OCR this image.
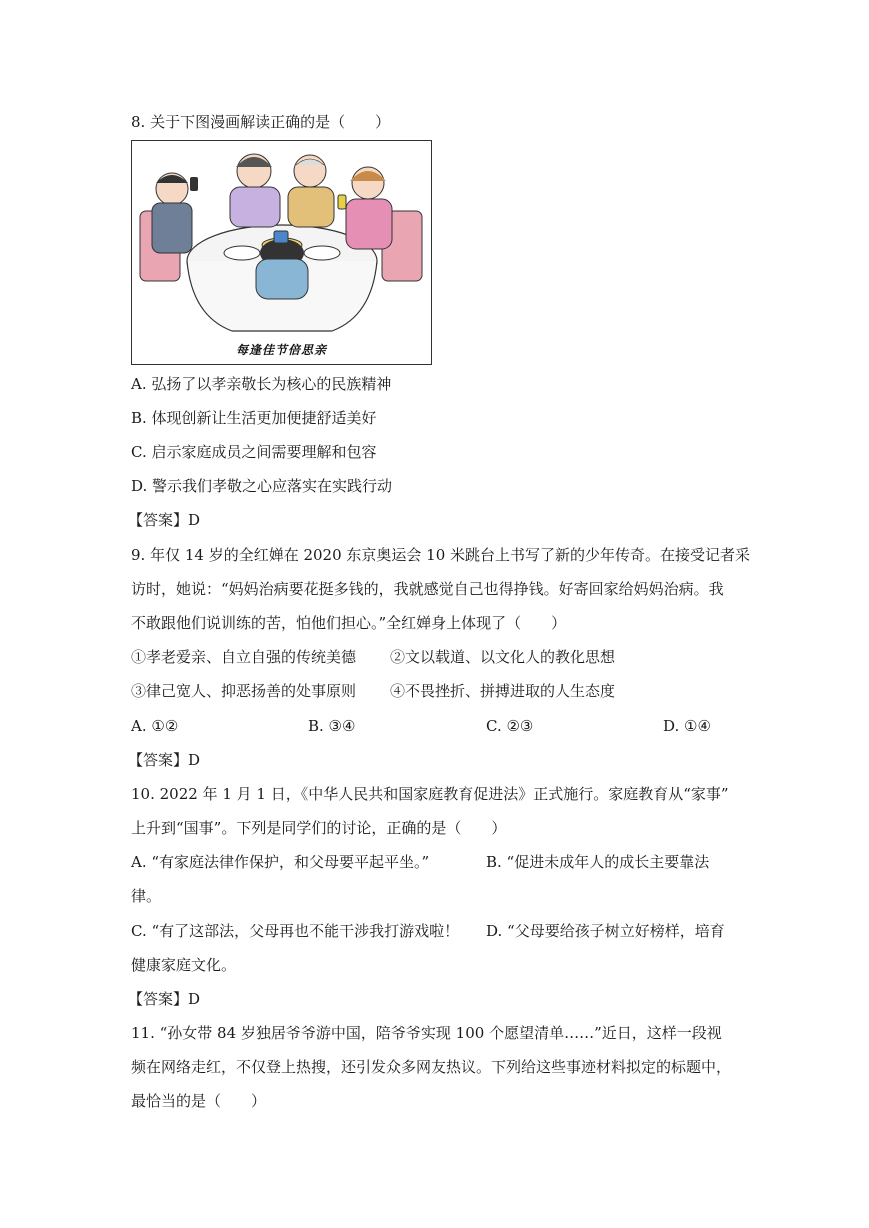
8. 关于下图漫画解读正确的是（　　）
每逢佳节倍思亲
A. 弘扬了以孝亲敬长为核心的民族精神
B. 体现创新让生活更加便捷舒适美好
C. 启示家庭成员之间需要理解和包容
D. 警示我们孝敬之心应落实在实践行动
【答案】D
9. 年仅 14 岁的全红婵在 2020 东京奥运会 10 米跳台上书写了新的少年传奇。在接受记者采
访时，她说：“妈妈治病要花挺多钱的，我就感觉自己也得挣钱。好寄回家给妈妈治病。我
不敢跟他们说训练的苦，怕他们担心。”全红婵身上体现了（　　）
①孝老爱亲、自立自强的传统美德 ②文以载道、以文化人的教化思想
③律己宽人、抑恶扬善的处事原则 ④不畏挫折、拼搏进取的人生态度
A. ①②	B. ③④	C. ②③	D. ①④
【答案】D
10. 2022 年 1 月 1 日，《中华人民共和国家庭教育促进法》正式施行。家庭教育从“家事”
上升到“国事”。下列是同学们的讨论，正确的是（　　）
A. “有家庭法律作保护，和父母要平起平坐。”	B. “促进未成年人的成长主要靠法
律。
C. “有了这部法，父母再也不能干涉我打游戏啦！ D. “父母要给孩子树立好榜样，培育
健康家庭文化。
【答案】D
11. “孙女带 84 岁独居爷爷游中国，陪爷爷实现 100 个愿望清单……”近日，这样一段视
频在网络走红，不仅登上热搜，还引发众多网友热议。下列给这些事迹材料拟定的标题中，
最恰当的是（　　）
